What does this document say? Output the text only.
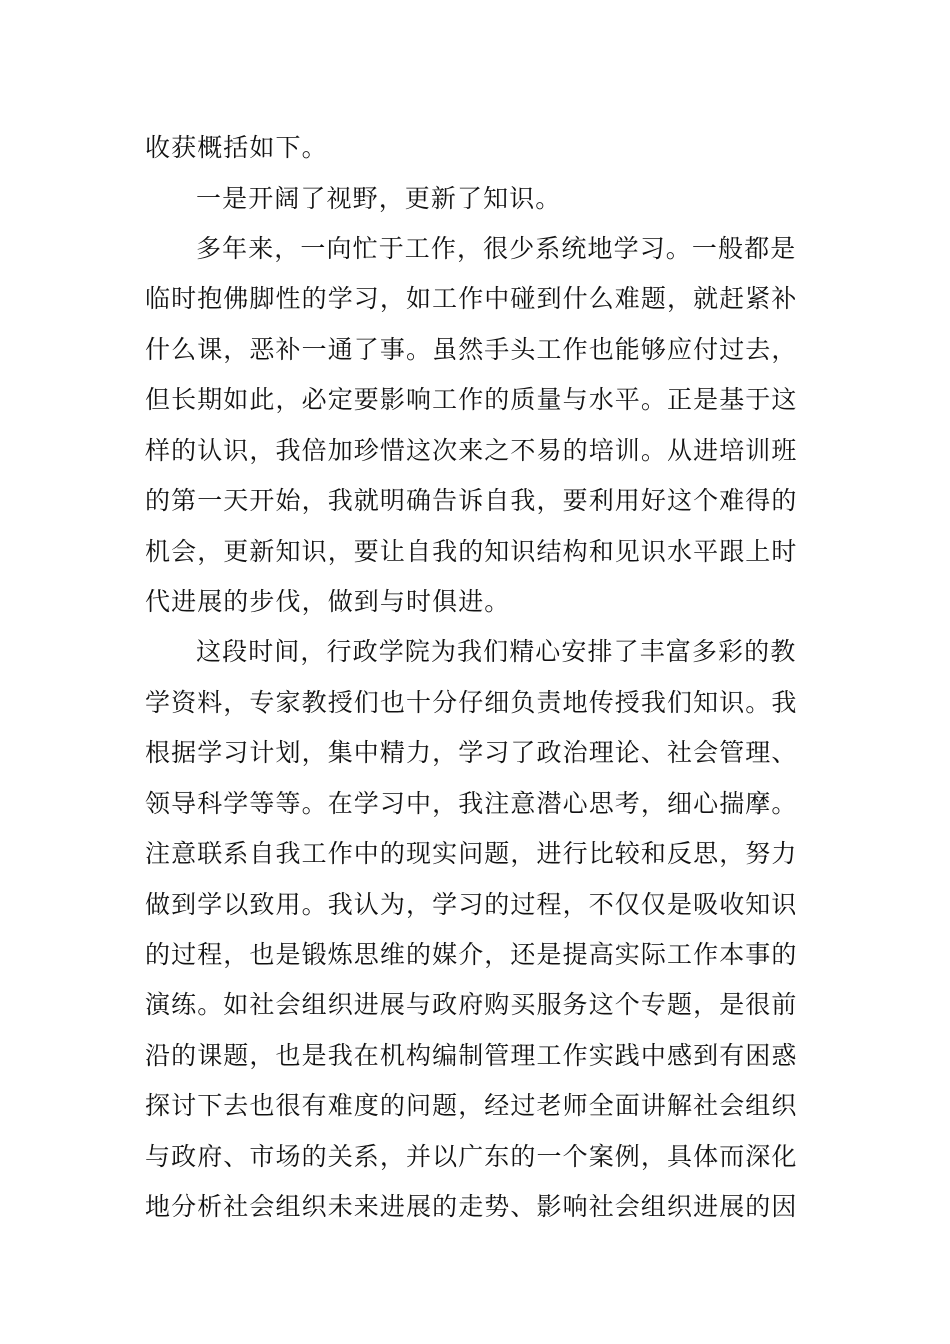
收获概括如下。
一是开阔了视野，更新了知识。
多年来，一向忙于工作，很少系统地学习。一般都是
临时抱佛脚性的学习，如工作中碰到什么难题，就赶紧补
什么课，恶补一通了事。虽然手头工作也能够应付过去，
但长期如此，必定要影响工作的质量与水平。正是基于这
样的认识，我倍加珍惜这次来之不易的培训。从进培训班
的第一天开始，我就明确告诉自我，要利用好这个难得的
机会，更新知识，要让自我的知识结构和见识水平跟上时
代进展的步伐，做到与时俱进。
这段时间，行政学院为我们精心安排了丰富多彩的教
学资料，专家教授们也十分仔细负责地传授我们知识。我
根据学习计划，集中精力，学习了政治理论、社会管理、
领导科学等等。在学习中，我注意潜心思考，细心揣摩。
注意联系自我工作中的现实问题，进行比较和反思，努力
做到学以致用。我认为，学习的过程，不仅仅是吸收知识
的过程，也是锻炼思维的媒介，还是提高实际工作本事的
演练。如社会组织进展与政府购买服务这个专题，是很前
沿的课题，也是我在机构编制管理工作实践中感到有困惑
探讨下去也很有难度的问题，经过老师全面讲解社会组织
与政府、市场的关系，并以广东的一个案例，具体而深化
地分析社会组织未来进展的走势、影响社会组织进展的因
